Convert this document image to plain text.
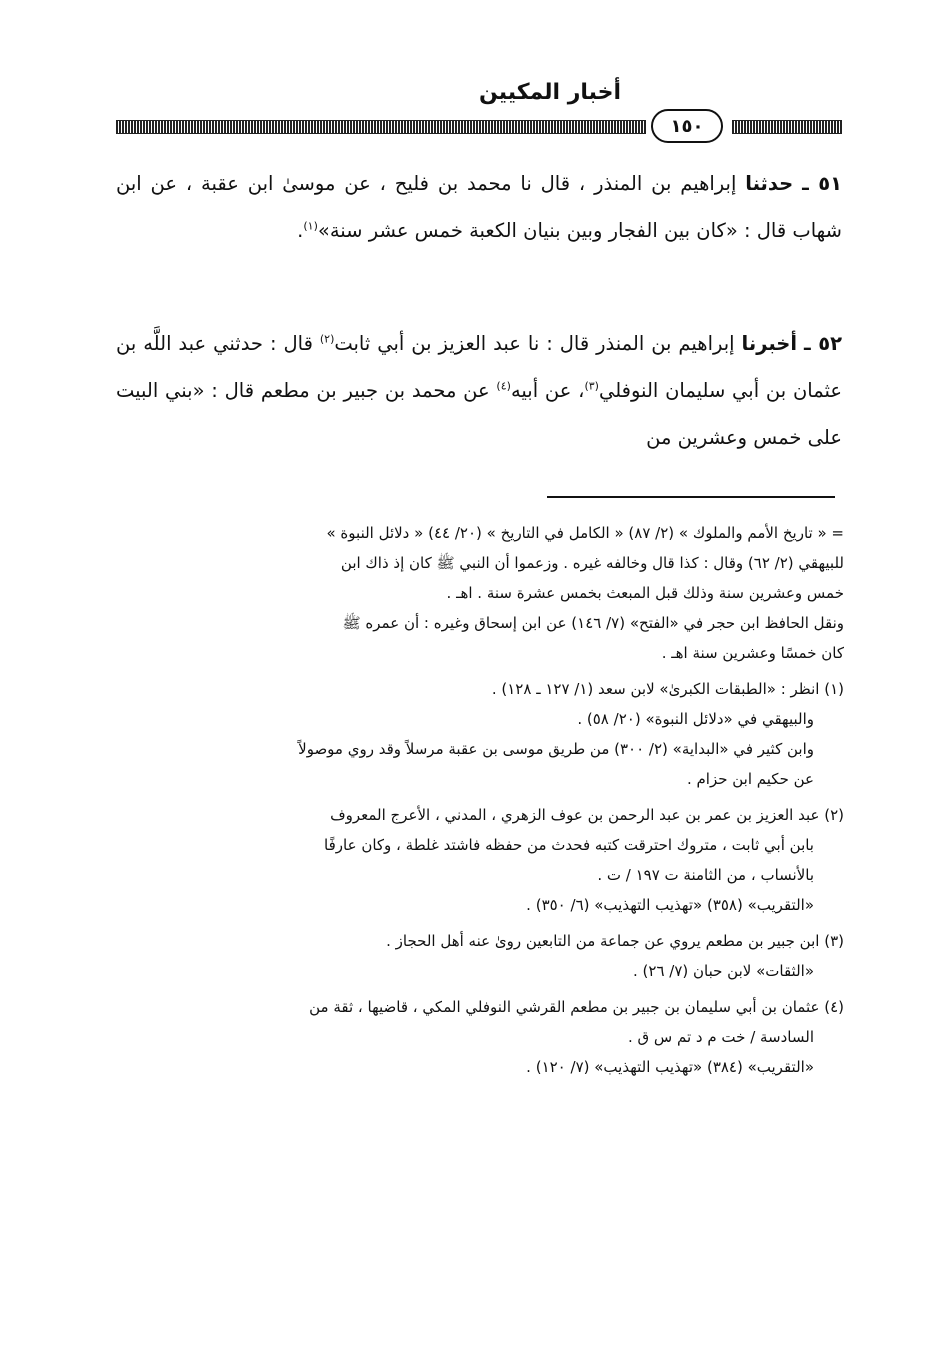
أخبار المكيين
١٥٠
٥١ ـ حدثنا إبراهيم بن المنذر ، قال نا محمد بن فليح ، عن موسىٰ ابن عقبة ، عن ابن شهاب قال : «كان بين الفجار وبين بنيان الكعبة خمس عشر سنة»$^{(١)}$.
٥٢ ـ أخبرنا إبراهيم بن المنذر قال : نا عبد العزيز بن أبي ثابت$^{(٢)}$ قال : حدثني عبد اللَّه بن عثمان بن أبي سليمان النوفلي$^{(٣)}$، عن أبيه$^{(٤)}$ عن محمد بن جبير بن مطعم قال : «بني البيت على خمس وعشرين من

= « تاريخ الأمم والملوك » (٢/ ٨٧) « الكامل في التاريخ » (٢٠/ ٤٤) « دلائل النبوة »

للبيهقي (٢/ ٦٢) وقال : كذا قال وخالفه غيره . وزعموا أن النبي ﷺ كان إذ ذاك ابن

خمس وعشرين سنة وذلك قبل المبعث بخمس عشرة سنة . اهـ .

ونقل الحافظ ابن حجر في «الفتح» (٧/ ١٤٦) عن ابن إسحاق وغيره : أن عمره ﷺ

كان خمسًا وعشرين سنة اهـ .

(١) انظر : «الطبقات الكبرىٰ» لابن سعد (١/ ١٢٧ ـ ١٢٨) .

والبيهقي في «دلائل النبوة» (٢٠/ ٥٨) .

وابن كثير في «البداية» (٢/ ٣٠٠) من طريق موسى بن عقبة مرسلاً وقد روي موصولاً

عن حكيم ابن حزام .

(٢) عبد العزيز بن عمر بن عبد الرحمن بن عوف الزهري ، المدني ، الأعرج المعروف

بابن أبي ثابت ، متروك احترقت كتبه فحدث من حفظه فاشتد غلطة ، وكان عارفًا

بالأنساب ، من الثامنة ت ١٩٧ / ت .

«التقريب» (٣٥٨) «تهذيب التهذيب» (٦/ ٣٥٠) .

(٣) ابن جبير بن مطعم يروي عن جماعة من التابعين روىٰ عنه أهل الحجاز .

«الثقات» لابن حبان (٧/ ٢٦) .

(٤) عثمان بن أبي سليمان بن جبير بن مطعم القرشي النوفلي المكي ، قاضيها ، ثقة من

السادسة / خت م د تم س ق .

«التقريب» (٣٨٤) «تهذيب التهذيب» (٧/ ١٢٠) .
